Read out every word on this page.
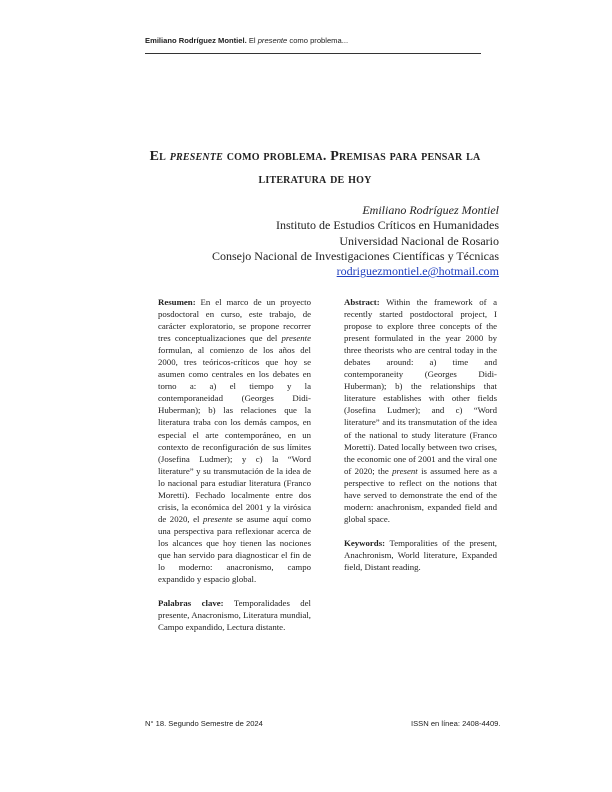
Emiliano Rodríguez Montiel. El presente como problema...
El presente como problema. Premisas para pensar la literatura de hoy
Emiliano Rodríguez Montiel
Instituto de Estudios Críticos en Humanidades
Universidad Nacional de Rosario
Consejo Nacional de Investigaciones Científicas y Técnicas
rodriguezmontiel.e@hotmail.com

Resumen: En el marco de un proyecto posdoctoral en curso, este trabajo, de carácter exploratorio, se propone recorrer tres conceptualizaciones que del presente formulan, al comienzo de los años del 2000, tres teóricos-críticos que hoy se asumen como centrales en los debates en torno a: a) el tiempo y la contemporaneidad (Georges Didi-Huberman); b) las relaciones que la literatura traba con los demás campos, en especial el arte contemporáneo, en un contexto de reconfiguración de sus límites (Josefina Ludmer); y c) la “Word literature” y su transmutación de la idea de lo nacional para estudiar literatura (Franco Moretti). Fechado localmente entre dos crisis, la económica del 2001 y la virósica de 2020, el presente se asume aquí como una perspectiva para reflexionar acerca de los alcances que hoy tienen las nociones que han servido para diagnosticar el fin de lo moderno: anacronismo, campo expandido y espacio global.

Palabras clave: Temporalidades del presente, Anacronismo, Literatura mundial, Campo expandido, Lectura distante.

Abstract: Within the framework of a recently started postdoctoral project, I propose to explore three concepts of the present formulated in the year 2000 by three theorists who are central today in the debates around: a) time and contemporaneity (Georges Didi-Huberman); b) the relationships that literature establishes with other fields (Josefina Ludmer); and c) “Word literature” and its transmutation of the idea of the national to study literature (Franco Moretti). Dated locally between two crises, the economic one of 2001 and the viral one of 2020; the present is assumed here as a perspective to reflect on the notions that have served to demonstrate the end of the modern: anachronism, expanded field and global space.

Keywords: Temporalities of the present, Anachronism, World literature, Expanded field, Distant reading.

N° 18. Segundo Semestre de 2024	ISSN en línea: 2408-4409.
